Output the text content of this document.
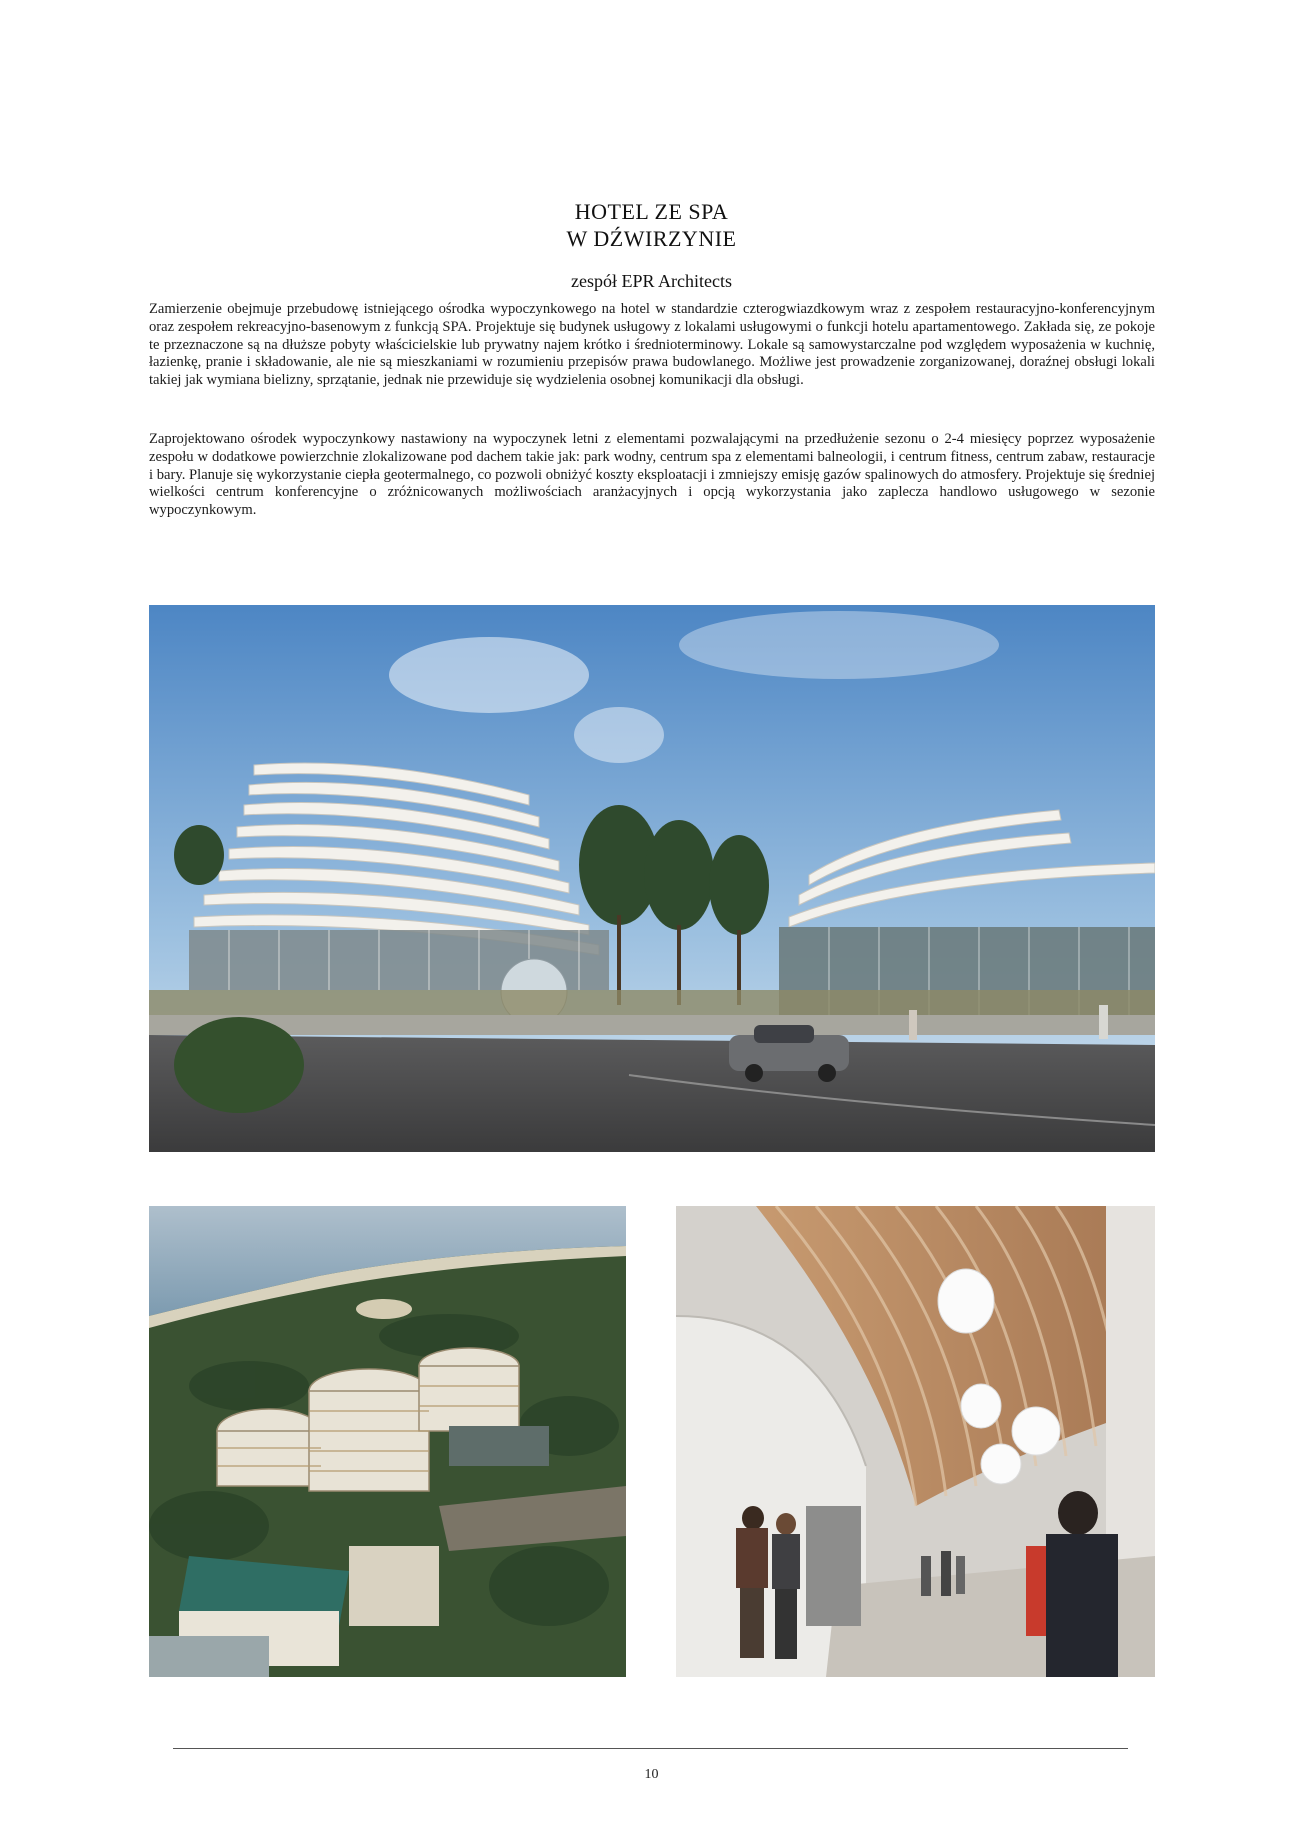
HOTEL ZE SPA
W DŹWIRZYNIE
zespół EPR Architects

Zamierzenie obejmuje przebudowę istniejącego ośrodka wypoczynkowego na hotel w standardzie czterogwiazdkowym wraz z zespołem restauracyjno-konferencyjnym oraz zespołem rekreacyjno-basenowym z funkcją SPA. Projektuje się budynek usługowy z lokalami usługowymi o funkcji hotelu apartamentowego. Zakłada się, ze pokoje te przeznaczone są na dłuższe pobyty właścicielskie lub prywatny najem krótko i średnioterminowy. Lokale są samowystarczalne pod względem wyposażenia w kuchnię, łazienkę, pranie i składowanie, ale nie są mieszkaniami w rozumieniu przepisów prawa budowlanego. Możliwe jest prowadzenie zorganizowanej, doraźnej obsługi lokali takiej jak wymiana bielizny, sprzątanie, jednak nie przewiduje się wydzielenia osobnej komunikacji dla obsługi.

Zaprojektowano ośrodek wypoczynkowy nastawiony na wypoczynek letni z elementami pozwalającymi na przedłużenie sezonu o 2-4 miesięcy poprzez wyposażenie zespołu w dodatkowe powierzchnie zlokalizowane pod dachem takie jak: park wodny, centrum spa z elementami balneologii, i centrum fitness, centrum zabaw, restauracje i bary. Planuje się wykorzystanie ciepła geotermalnego, co pozwoli obniżyć koszty eksploatacji i zmniejszy emisję gazów spalinowych do atmosfery. Projektuje się średniej wielkości centrum konferencyjne o zróżnicowanych możliwościach aranżacyjnych i opcją wykorzystania jako zaplecza handlowo usługowego w sezonie wypoczynkowym.

10
